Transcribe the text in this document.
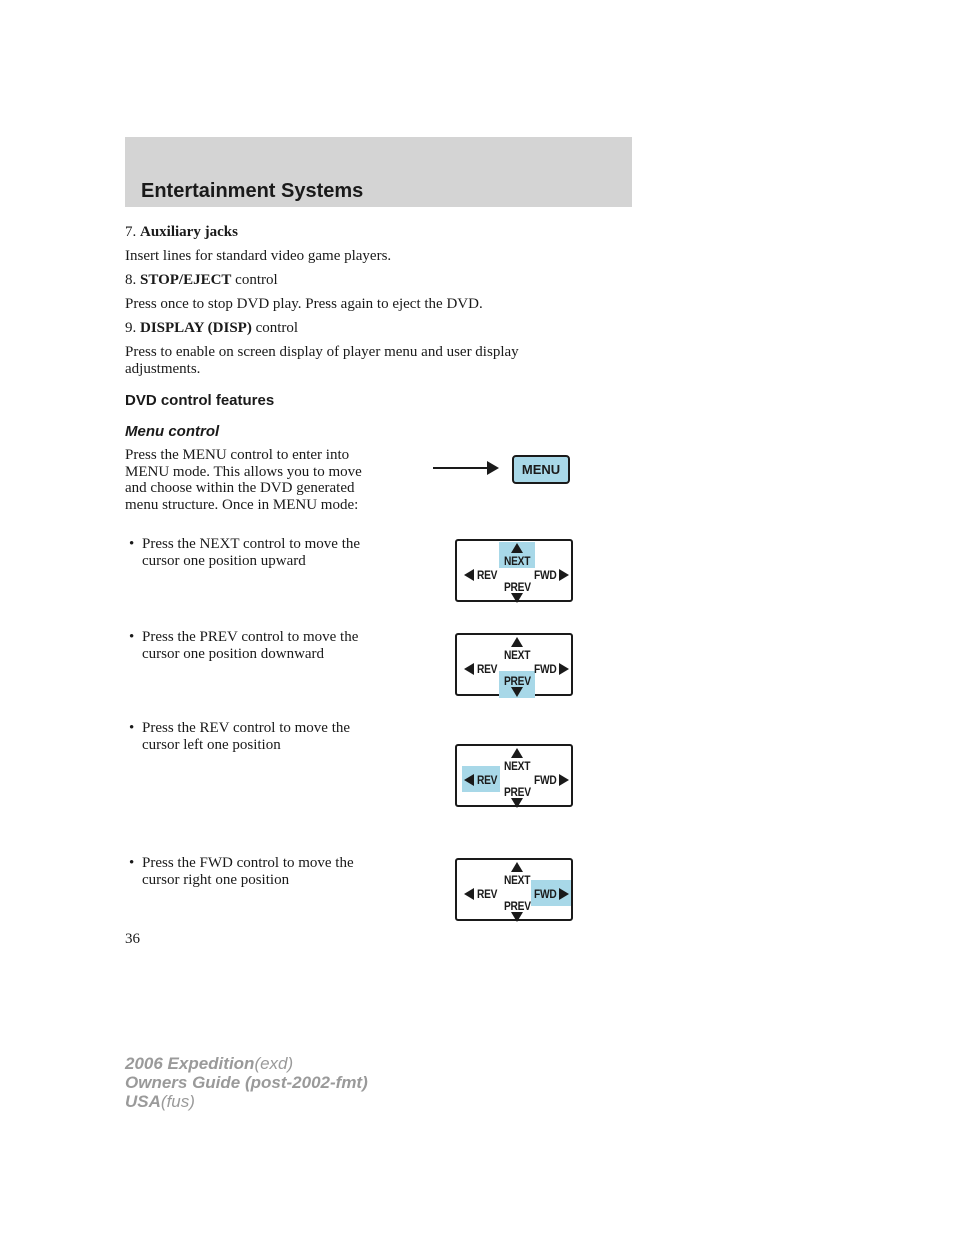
Entertainment Systems
7. Auxiliary jacks
Insert lines for standard video game players.
8. STOP/EJECT control
Press once to stop DVD play. Press again to eject the DVD.
9. DISPLAY (DISP) control
Press to enable on screen display of player menu and user display adjustments.
DVD control features
Menu control
Press the MENU control to enter into MENU mode. This allows you to move and choose within the DVD generated menu structure. Once in MENU mode:
MENU
• Press the NEXT control to move the cursor one position upward
• Press the PREV control to move the cursor one position downward
• Press the REV control to move the cursor left one position
• Press the FWD control to move the cursor right one position
NEXT
REV	FWD
PREV
NEXT
REV	FWD
PREV
NEXT
REV	FWD
PREV
NEXT
REV	FWD
PREV
36
2006 Expedition(exd)
Owners Guide (post-2002-fmt)
USA(fus)
